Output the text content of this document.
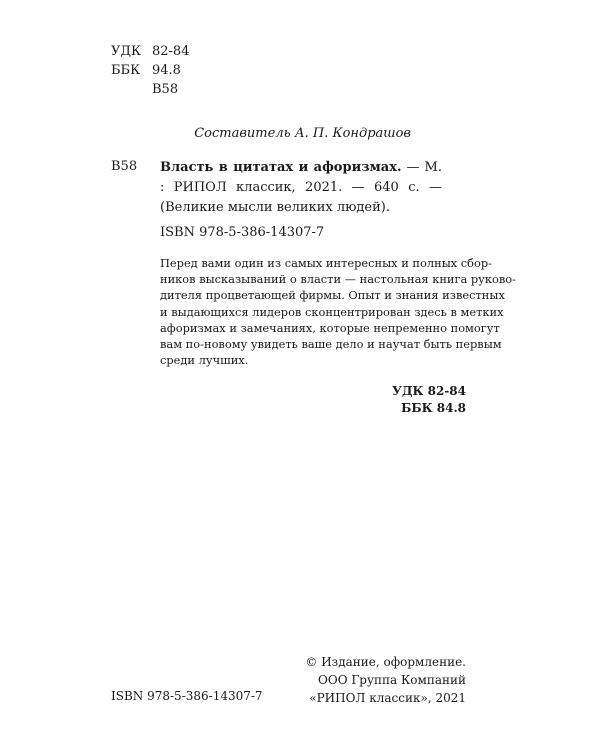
УДК 82-84
ББК 94.8
В58
Составитель А. П. Кондрашов
В58 Власть в цитатах и афоризмах. — М. : РИПОЛ классик, 2021. — 640 с. — (Великие мысли великих людей).
ISBN 978-5-386-14307-7
Перед вами один из самых интересных и полных сбор-
ников высказываний о власти — настольная книга руково-
дителя процветающей фирмы. Опыт и знания известных
и выдающихся лидеров сконцентрирован здесь в метких
афоризмах и замечаниях, которые непременно помогут
вам по-новому увидеть ваше дело и научат быть первым
среди лучших.
УДК 82-84
ББК 84.8
© Издание, оформление.
ООО Группа Компаний
«РИПОЛ классик», 2021
ISBN 978-5-386-14307-7
